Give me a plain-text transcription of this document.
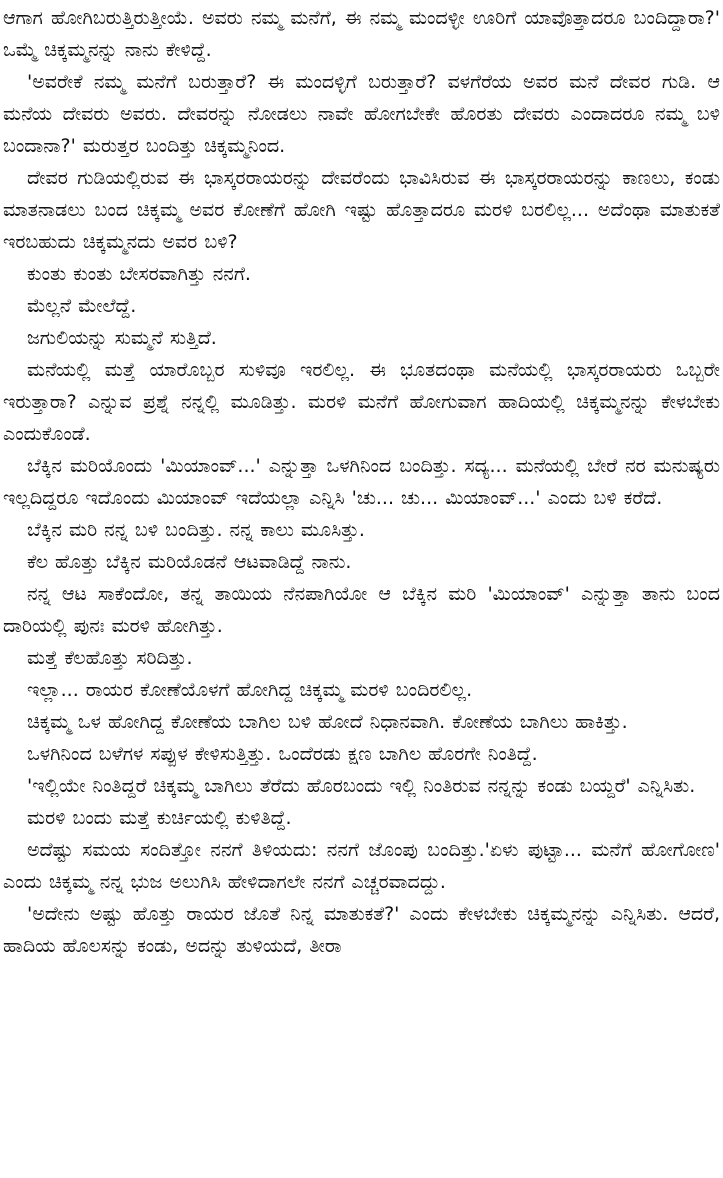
ಆಗಾಗ ಹೋಗಿಬರುತ್ತಿರುತ್ತೀಯೆ. ಅವರು ನಮ್ಮ ಮನೆಗೆ, ಈ ನಮ್ಮ ಮಂದಳ್ಳೀ ಊರಿಗೆ ಯಾವೊತ್ತಾದರೂ ಬಂದಿದ್ದಾರಾ?' ಒಮ್ಮೆ ಚಿಕ್ಕಮ್ಮನನ್ನು ನಾನು ಕೇಳಿದ್ದೆ.

'ಅವರೇಕೆ ನಮ್ಮ ಮನೆಗೆ ಬರುತ್ತಾರೆ? ಈ ಮಂದಳ್ಳಿಗೆ ಬರುತ್ತಾರೆ? ವಳಗೆರೆಯ ಅವರ ಮನೆ ದೇವರ ಗುಡಿ. ಆ ಮನೆಯ ದೇವರು ಅವರು. ದೇವರನ್ನು ನೋಡಲು ನಾವೇ ಹೋಗಬೇಕೇ ಹೊರತು ದೇವರು ಎಂದಾದರೂ ನಮ್ಮ ಬಳಿ ಬಂದಾನಾ?' ಮರುತ್ತರ ಬಂದಿತ್ತು ಚಿಕ್ಕಮ್ಮನಿಂದ.

ದೇವರ ಗುಡಿಯಲ್ಲಿರುವ ಈ ಭಾಸ್ಕರರಾಯರನ್ನು ದೇವರೆಂದು ಭಾವಿಸಿರುವ ಈ ಭಾಸ್ಕರರಾಯರನ್ನು ಕಾಣಲು, ಕಂಡು ಮಾತನಾಡಲು ಬಂದ ಚಿಕ್ಕಮ್ಮ ಅವರ ಕೋಣೆಗೆ ಹೋಗಿ ಇಷ್ಟು ಹೊತ್ತಾದರೂ ಮರಳಿ ಬರಲಿಲ್ಲ... ಅದೆಂಥಾ ಮಾತುಕತೆ ಇರಬಹುದು ಚಿಕ್ಕಮ್ಮನದು ಅವರ ಬಳಿ?

ಕುಂತು ಕುಂತು ಬೇಸರವಾಗಿತ್ತು ನನಗೆ.

ಮೆಲ್ಲನೆ ಮೇಲೆದ್ದೆ.

ಜಗುಲಿಯನ್ನು ಸುಮ್ಮನೆ ಸುತ್ತಿದೆ.

ಮನೆಯಲ್ಲಿ ಮತ್ತೆ ಯಾರೊಬ್ಬರ ಸುಳಿವೂ ಇರಲಿಲ್ಲ. ಈ ಭೂತದಂಥಾ ಮನೆಯಲ್ಲಿ ಭಾಸ್ಕರರಾಯರು ಒಬ್ಬರೇ ಇರುತ್ತಾರಾ? ಎನ್ನುವ ಪ್ರಶ್ನೆ ನನ್ನಲ್ಲಿ ಮೂಡಿತ್ತು. ಮರಳಿ ಮನೆಗೆ ಹೋಗುವಾಗ ಹಾದಿಯಲ್ಲಿ ಚಿಕ್ಕಮ್ಮನನ್ನು ಕೇಳಬೇಕು ಎಂದುಕೊಂಡೆ.

ಬೆಕ್ಕಿನ ಮರಿಯೊಂದು 'ಮಿಯಾಂವ್...' ಎನ್ನುತ್ತಾ ಒಳಗಿನಿಂದ ಬಂದಿತ್ತು. ಸದ್ಯ... ಮನೆಯಲ್ಲಿ ಬೇರೆ ನರ ಮನುಷ್ಯರು ಇಲ್ಲದಿದ್ದರೂ ಇದೊಂದು ಮಿಯಾಂವ್ ಇದೆಯಲ್ಲಾ ಎನ್ನಿಸಿ 'ಚು... ಚು... ಮಿಯಾಂವ್...' ಎಂದು ಬಳಿ ಕರೆದೆ.

ಬೆಕ್ಕಿನ ಮರಿ ನನ್ನ ಬಳಿ ಬಂದಿತ್ತು. ನನ್ನ ಕಾಲು ಮೂಸಿತ್ತು.

ಕೆಲ ಹೊತ್ತು ಬೆಕ್ಕಿನ ಮರಿಯೊಡನೆ ಆಟವಾಡಿದ್ದೆ ನಾನು.

ನನ್ನ ಆಟ ಸಾಕೆಂದೋ, ತನ್ನ ತಾಯಿಯ ನೆನಪಾಗಿಯೋ ಆ ಬೆಕ್ಕಿನ ಮರಿ 'ಮಿಯಾಂವ್' ಎನ್ನುತ್ತಾ ತಾನು ಬಂದ ದಾರಿಯಲ್ಲಿ ಪುನಃ ಮರಳಿ ಹೋಗಿತ್ತು.

ಮತ್ತೆ ಕೆಲಹೊತ್ತು ಸರಿದಿತ್ತು.

ಇಲ್ಲಾ... ರಾಯರ ಕೋಣೆಯೊಳಗೆ ಹೋಗಿದ್ದ ಚಿಕ್ಕಮ್ಮ ಮರಳಿ ಬಂದಿರಲಿಲ್ಲ.

ಚಿಕ್ಕಮ್ಮ ಒಳ ಹೋಗಿದ್ದ ಕೋಣೆಯ ಬಾಗಿಲ ಬಳಿ ಹೋದೆ ನಿಧಾನವಾಗಿ. ಕೋಣೆಯ ಬಾಗಿಲು ಹಾಕಿತ್ತು.

ಒಳಗಿನಿಂದ ಬಳೆಗಳ ಸಪ್ಪುಳ ಕೇಳಿಸುತ್ತಿತ್ತು. ಒಂದೆರಡು ಕ್ಷಣ ಬಾಗಿಲ ಹೊರಗೇ ನಿಂತಿದ್ದೆ.

'ಇಲ್ಲಿಯೇ ನಿಂತಿದ್ದರೆ ಚಿಕ್ಕಮ್ಮ ಬಾಗಿಲು ತೆರೆದು ಹೊರಬಂದು ಇಲ್ಲಿ ನಿಂತಿರುವ ನನ್ನನ್ನು ಕಂಡು ಬಯ್ದರೆ' ಎನ್ನಿಸಿತು.

ಮರಳಿ ಬಂದು ಮತ್ತೆ ಕುರ್ಚಿಯಲ್ಲಿ ಕುಳಿತಿದ್ದೆ.

ಅದೆಷ್ಟು ಸಮಯ ಸಂದಿತ್ತೋ ನನಗೆ ತಿಳಿಯದು: ನನಗೆ ಜೊಂಪು ಬಂದಿತ್ತು.'ಏಳು ಪುಟ್ಟಾ... ಮನೆಗೆ ಹೋಗೋಣ' ಎಂದು ಚಿಕ್ಕಮ್ಮ ನನ್ನ ಭುಜ ಅಲುಗಿಸಿ ಹೇಳಿದಾಗಲೇ ನನಗೆ ಎಚ್ಚರವಾದದ್ದು.

'ಅದೇನು ಅಷ್ಟು ಹೊತ್ತು ರಾಯರ ಜೊತೆ ನಿನ್ನ ಮಾತುಕತೆ?' ಎಂದು ಕೇಳಬೇಕು ಚಿಕ್ಕಮ್ಮನನ್ನು ಎನ್ನಿಸಿತು. ಆದರೆ, ಹಾದಿಯ ಹೊಲಸನ್ನು ಕಂಡು, ಅದನ್ನು ತುಳಿಯದೆ, ತೀರಾ
